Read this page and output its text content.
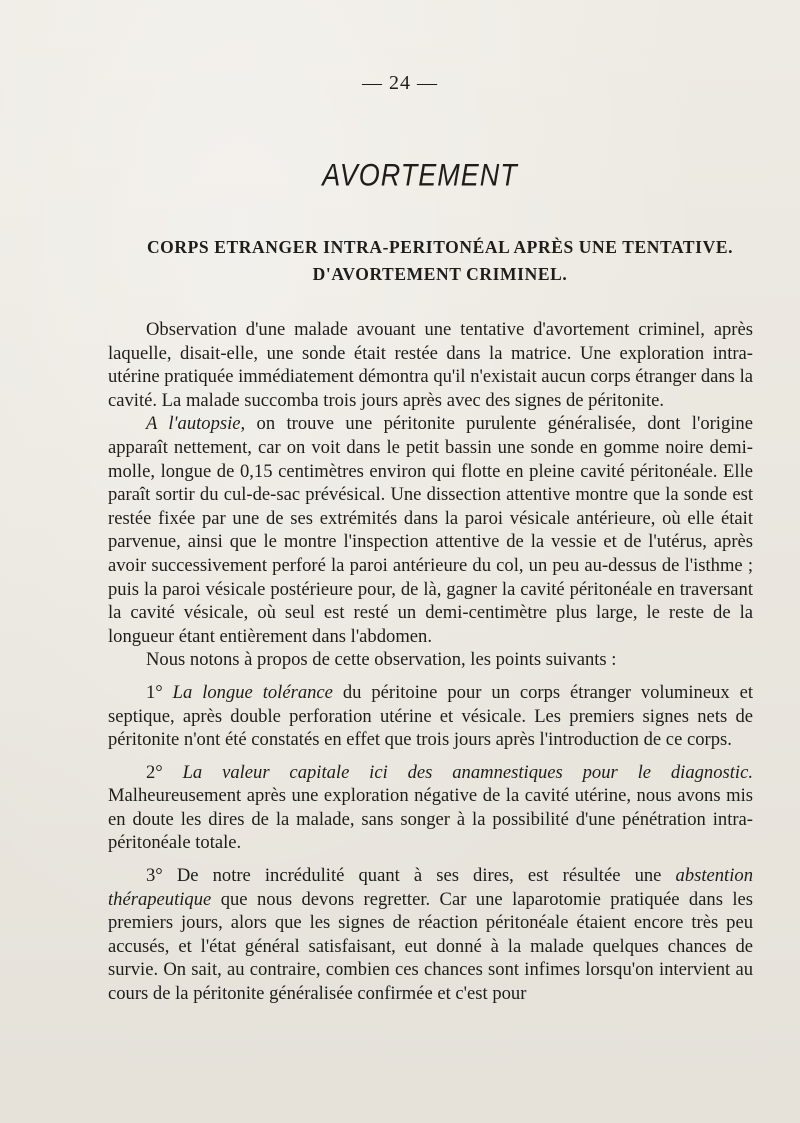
— 24 —
AVORTEMENT
CORPS ETRANGER INTRA-PERITONÉAL APRÈS UNE TENTATIVE.
D'AVORTEMENT CRIMINEL.

Observation d'une malade avouant une tentative d'avortement criminel, après laquelle, disait-elle, une sonde était restée dans la matrice. Une exploration intra-utérine pratiquée immédiatement démontra qu'il n'existait aucun corps étranger dans la cavité. La malade succomba trois jours après avec des signes de péritonite.

A l'autopsie, on trouve une péritonite purulente généralisée, dont l'origine apparaît nettement, car on voit dans le petit bassin une sonde en gomme noire demi-molle, longue de 0,15 centimètres environ qui flotte en pleine cavité péritonéale. Elle paraît sortir du cul-de-sac prévésical. Une dissection attentive montre que la sonde est restée fixée par une de ses extrémités dans la paroi vésicale antérieure, où elle était parvenue, ainsi que le montre l'inspection attentive de la vessie et de l'utérus, après avoir successivement perforé la paroi antérieure du col, un peu au-dessus de l'isthme ; puis la paroi vésicale postérieure pour, de là, gagner la cavité péritonéale en traversant la cavité vésicale, où seul est resté un demi-centimètre plus large, le reste de la longueur étant entièrement dans l'abdomen.

Nous notons à propos de cette observation, les points suivants :

1° La longue tolérance du péritoine pour un corps étranger volumineux et septique, après double perforation utérine et vésicale. Les premiers signes nets de péritonite n'ont été constatés en effet que trois jours après l'introduction de ce corps.

2° La valeur capitale ici des anamnestiques pour le diagnostic. Malheureusement après une exploration négative de la cavité utérine, nous avons mis en doute les dires de la malade, sans songer à la possibilité d'une pénétration intra-péritonéale totale.

3° De notre incrédulité quant à ses dires, est résultée une abstention thérapeutique que nous devons regretter. Car une laparotomie pratiquée dans les premiers jours, alors que les signes de réaction péritonéale étaient encore très peu accusés, et l'état général satisfaisant, eut donné à la malade quelques chances de survie. On sait, au contraire, combien ces chances sont infimes lorsqu'on intervient au cours de la péritonite généralisée confirmée et c'est pour
